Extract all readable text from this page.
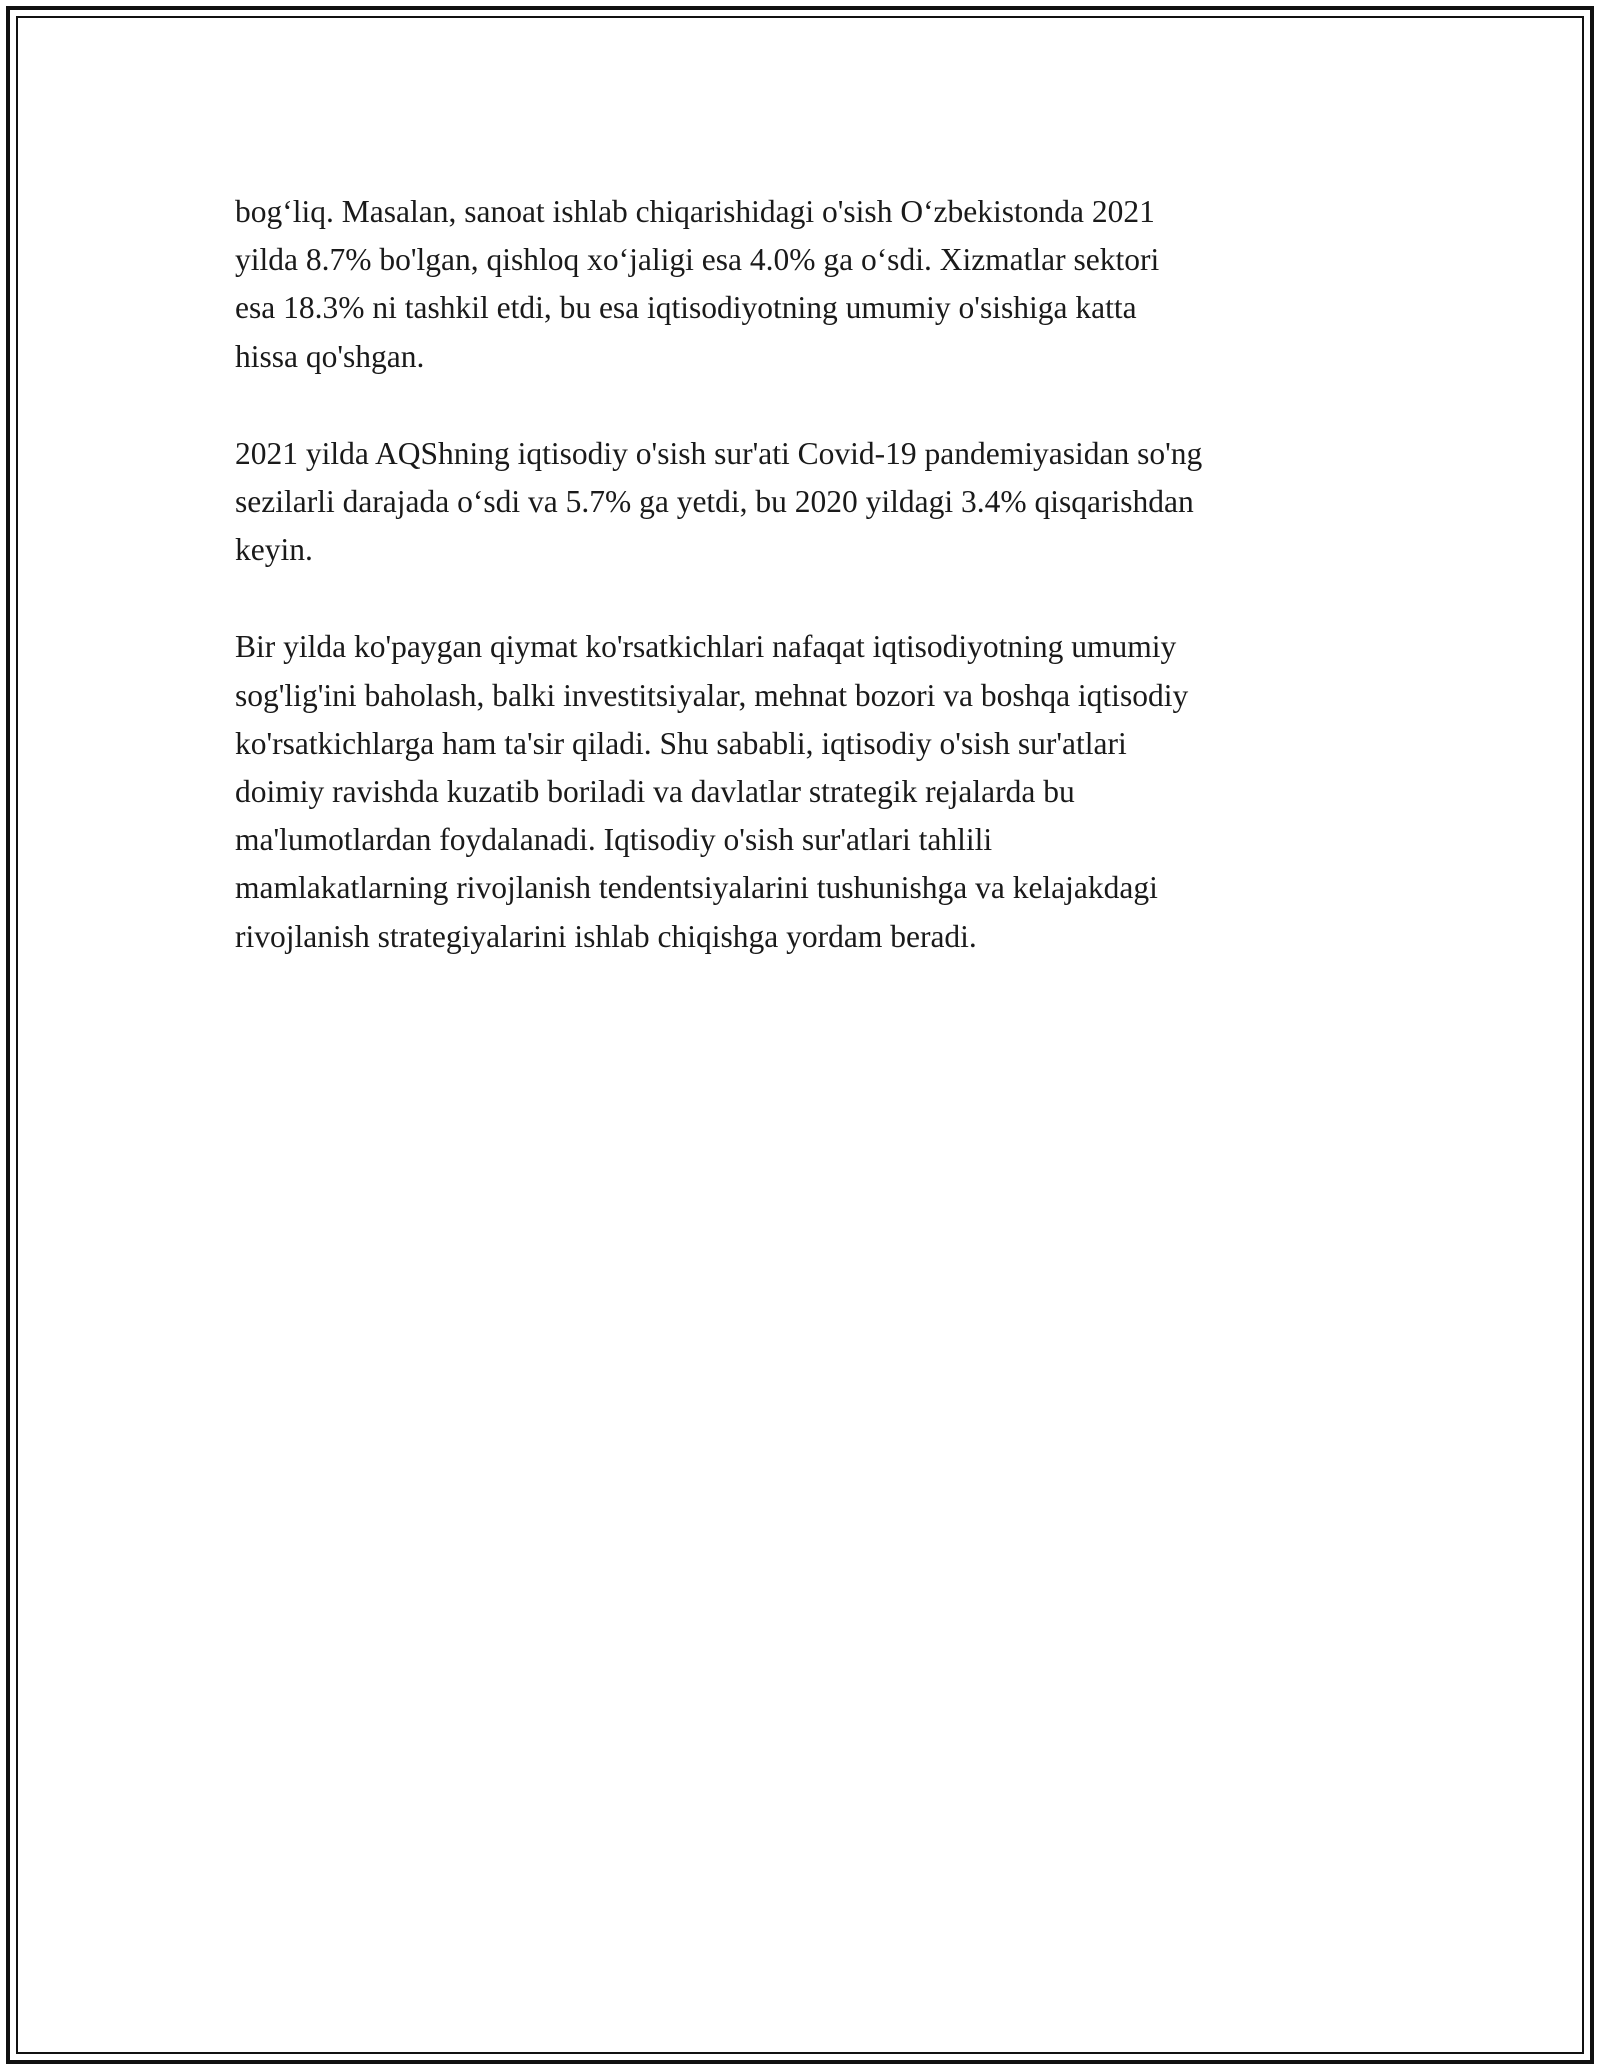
bog‘liq. Masalan, sanoat ishlab chiqarishidagi o'sish O‘zbekistonda 2021
yilda 8.7% bo'lgan, qishloq xo‘jaligi esa 4.0% ga o‘sdi. Xizmatlar sektori
esa 18.3% ni tashkil etdi, bu esa iqtisodiyotning umumiy o'sishiga katta
hissa qo'shgan.

2021 yilda AQShning iqtisodiy o'sish sur'ati Covid-19 pandemiyasidan so'ng
sezilarli darajada o‘sdi va 5.7% ga yetdi, bu 2020 yildagi 3.4% qisqarishdan
keyin.

Bir yilda ko'paygan qiymat ko'rsatkichlari nafaqat iqtisodiyotning umumiy
sog'lig'ini baholash, balki investitsiyalar, mehnat bozori va boshqa iqtisodiy
ko'rsatkichlarga ham ta'sir qiladi. Shu sababli, iqtisodiy o'sish sur'atlari
doimiy ravishda kuzatib boriladi va davlatlar strategik rejalarda bu
ma'lumotlardan foydalanadi. Iqtisodiy o'sish sur'atlari tahlili
mamlakatlarning rivojlanish tendentsiyalarini tushunishga va kelajakdagi
rivojlanish strategiyalarini ishlab chiqishga yordam beradi.
